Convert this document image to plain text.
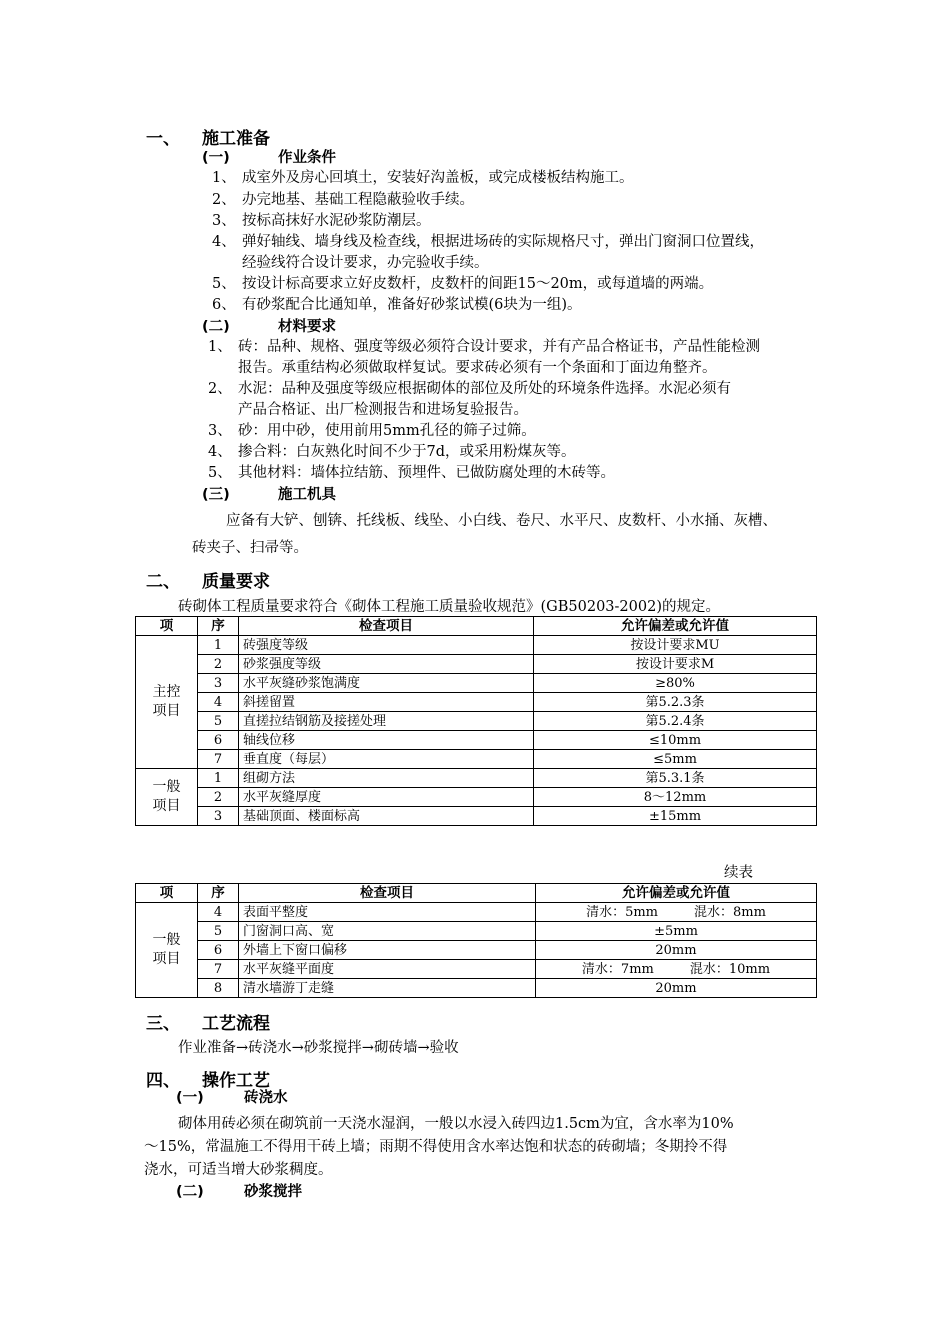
一、 施工准备
(一)	作业条件
1、 成室外及房心回填土，安装好沟盖板，或完成楼板结构施工。
2、 办完地基、基础工程隐蔽验收手续。
3、 按标高抹好水泥砂浆防潮层。
4、 弹好轴线、墙身线及检查线，根据进场砖的实际规格尺寸，弹出门窗洞口位置线，
经验线符合设计要求，办完验收手续。
5、 按设计标高要求立好皮数杆，皮数杆的间距15～20m，或每道墙的两端。
6、 有砂浆配合比通知单，准备好砂浆试模(6块为一组)。
(二)	材料要求
1、 砖：品种、规格、强度等级必须符合设计要求，并有产品合格证书，产品性能检测
报告。承重结构必须做取样复试。要求砖必须有一个条面和丁面边角整齐。
2、 水泥：品种及强度等级应根据砌体的部位及所处的环境条件选择。水泥必须有
产品合格证、出厂检测报告和进场复验报告。
3、 砂：用中砂，使用前用5mm孔径的筛子过筛。
4、 掺合料：白灰熟化时间不少于7d，或采用粉煤灰等。
5、 其他材料：墙体拉结筋、预埋件、已做防腐处理的木砖等。
(三)	施工机具
应备有大铲、刨锛、托线板、线坠、小白线、卷尺、水平尺、皮数杆、小水捅、灰槽、
砖夹子、扫帚等。
二、 质量要求
砖砌体工程质量要求符合《砌体工程施工质量验收规范》(GB50203-2002)的规定。
项	序	检查项目	允许偏差或允许值
主控项目	1	砖强度等级	按设计要求MU
	2	砂浆强度等级	按设计要求M
	3	水平灰缝砂浆饱满度	≥80%
	4	斜搓留置	第5.2.3条
	5	直搓拉结钢筋及接搓处理	第5.2.4条
	6	轴线位移	≤10mm
	7	垂直度（每层）	≤5mm
一般项目	1	组砌方法	第5.3.1条
	2	水平灰缝厚度	8～12mm
	3	基础顶面、楼面标高	±15mm
续表
项	序	检查项目	允许偏差或允许值
一般项目	4	表面平整度	清水：5mm 混水：8mm
	5	门窗洞口高、宽	±5mm
	6	外墙上下窗口偏移	20mm
	7	水平灰缝平面度	清水：7mm 混水：10mm
	8	清水墙游丁走缝	20mm
三、 工艺流程
作业准备→砖浇水→砂浆搅拌→砌砖墙→验收
四、 操作工艺
(一)	砖浇水
砌体用砖必须在砌筑前一天浇水湿润，一般以水浸入砖四边1.5cm为宜，含水率为10%
～15%，常温施工不得用干砖上墙；雨期不得使用含水率达饱和状态的砖砌墙；冬期拎不得
浇水，可适当增大砂浆稠度。
(二)	砂浆搅拌
